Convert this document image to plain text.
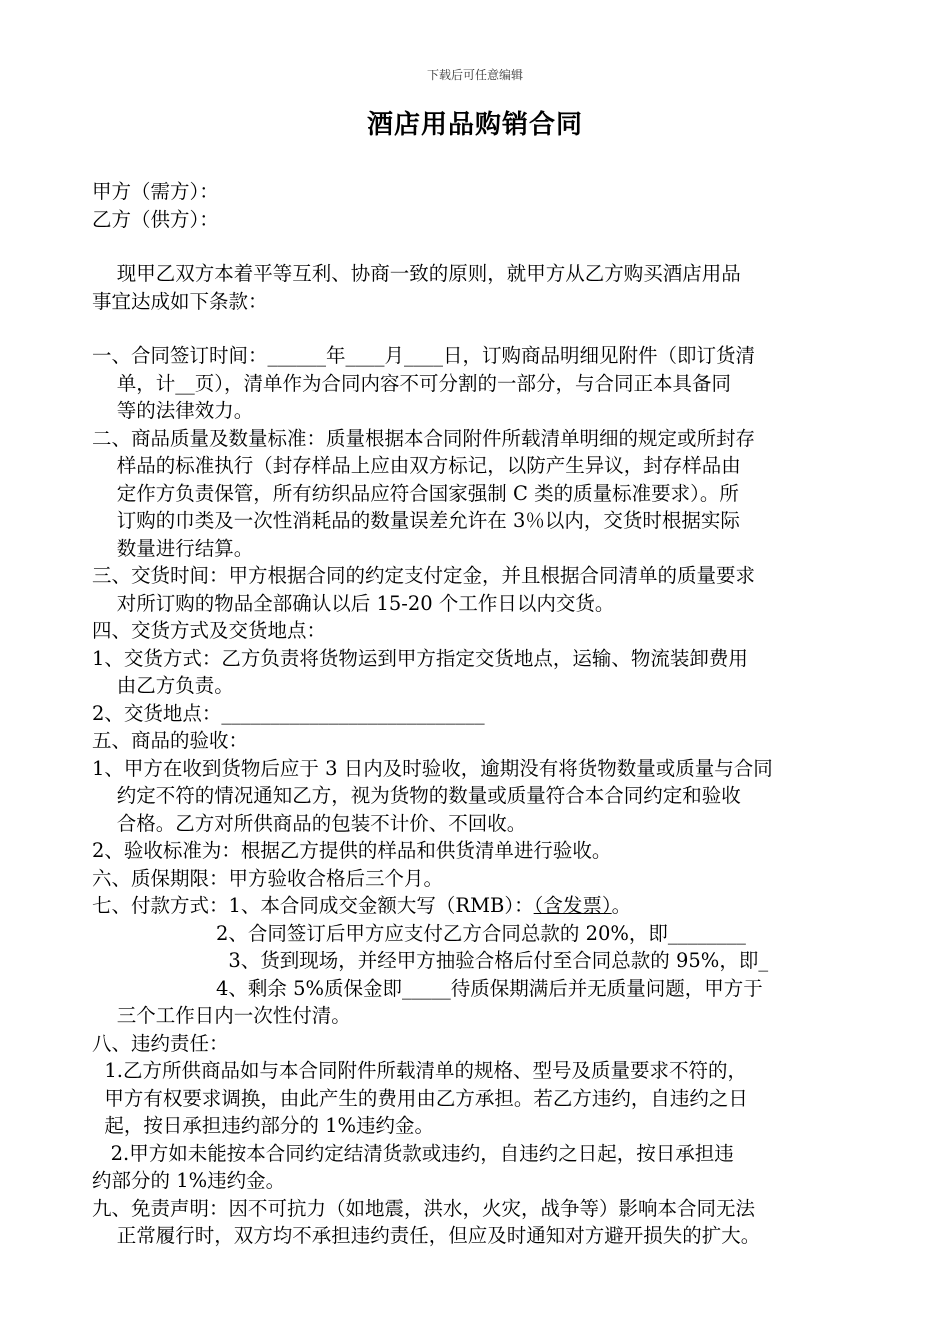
下载后可任意编辑
酒店用品购销合同
甲方（需方）：
乙方（供方）：
现甲乙双方本着平等互利、协商一致的原则，就甲方从乙方购买酒店用品
事宜达成如下条款：
一、合同签订时间：______年____月____日，订购商品明细见附件（即订货清
单，计__页），清单作为合同内容不可分割的一部分，与合同正本具备同
等的法律效力。
二、商品质量及数量标准：质量根据本合同附件所载清单明细的规定或所封存
样品的标准执行（封存样品上应由双方标记，以防产生异议，封存样品由
定作方负责保管，所有纺织品应符合国家强制 C 类的质量标准要求）。所
订购的巾类及一次性消耗品的数量误差允许在 3％以内，交货时根据实际
数量进行结算。
三、交货时间：甲方根据合同的约定支付定金，并且根据合同清单的质量要求
对所订购的物品全部确认以后 15-20 个工作日以内交货。
四、交货方式及交货地点：
1、交货方式：乙方负责将货物运到甲方指定交货地点，运输、物流装卸费用
由乙方负责。
2、交货地点：___________________________
五、商品的验收：
1、甲方在收到货物后应于 3 日内及时验收，逾期没有将货物数量或质量与合同
约定不符的情况通知乙方，视为货物的数量或质量符合本合同约定和验收
合格。乙方对所供商品的包装不计价、不回收。
2、验收标准为：根据乙方提供的样品和供货清单进行验收。
六、质保期限：甲方验收合格后三个月。
七、付款方式：1、本合同成交金额大写（RMB）：（含发票）。
2、合同签订后甲方应支付乙方合同总款的 20%，即________
3、货到现场，并经甲方抽验合格后付至合同总款的 95%，即_
4、剩余 5%质保金即_____待质保期满后并无质量问题，甲方于
三个工作日内一次性付清。
八、违约责任：
1.乙方所供商品如与本合同附件所载清单的规格、型号及质量要求不符的，
甲方有权要求调换，由此产生的费用由乙方承担。若乙方违约，自违约之日
起，按日承担违约部分的 1%违约金。
2.甲方如未能按本合同约定结清货款或违约，自违约之日起，按日承担违
约部分的 1%违约金。
九、免责声明：因不可抗力（如地震，洪水，火灾，战争等）影响本合同无法
正常履行时，双方均不承担违约责任，但应及时通知对方避开损失的扩大。
